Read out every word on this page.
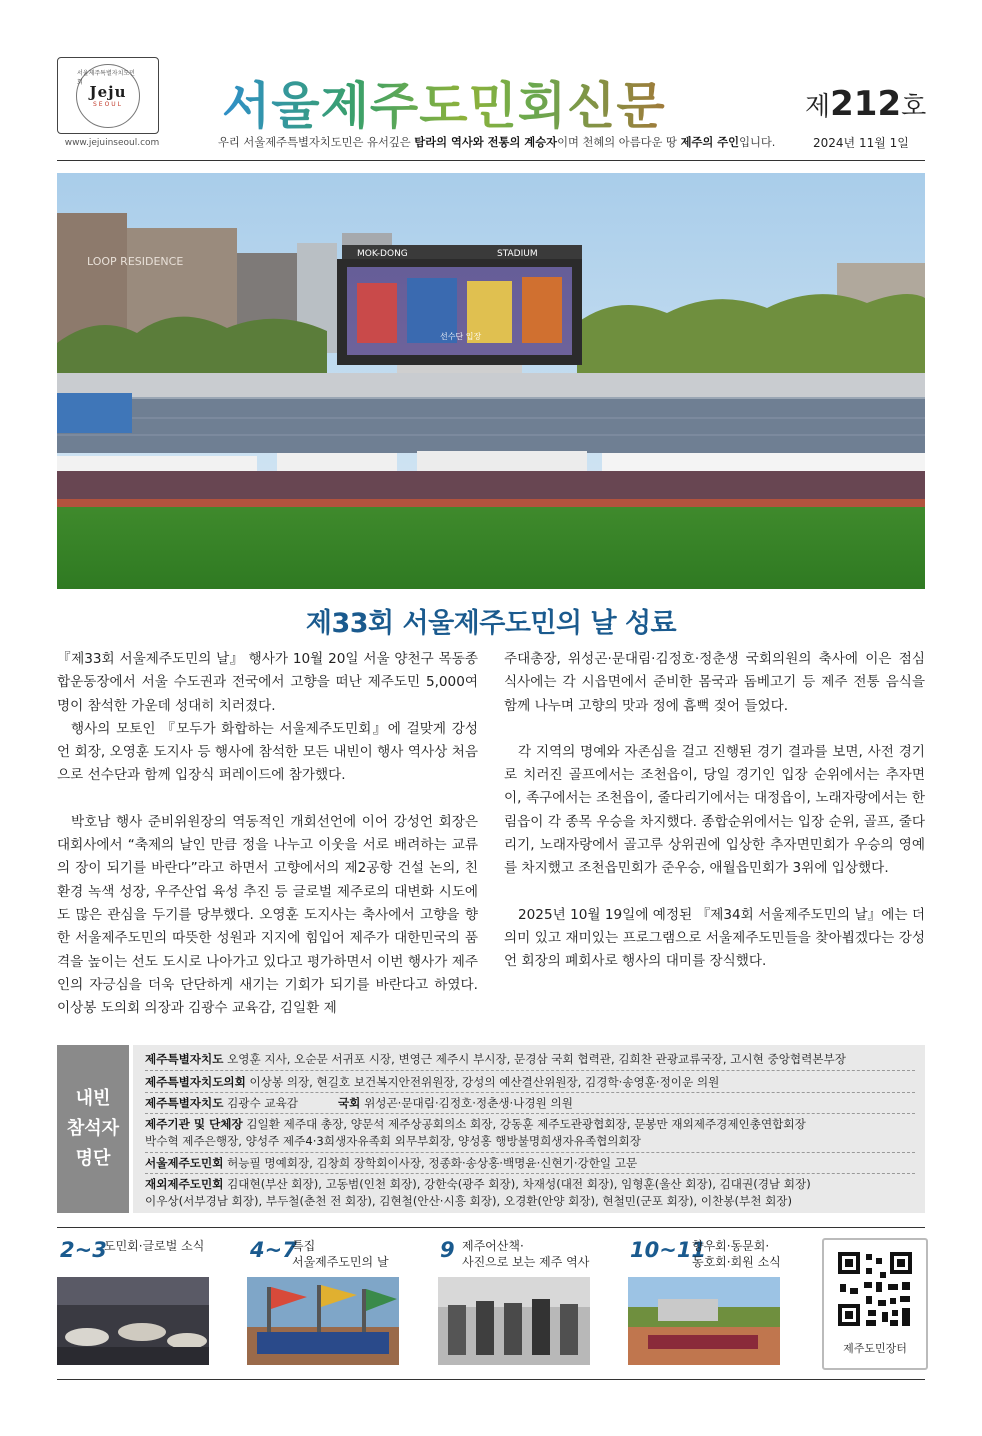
서울제주특별자치도민회
Jeju
SEOUL
www.jejuinseoul.com
서울제주도민회신문	제212호
우리 서울제주특별자치도민은 유서깊은 탐라의 역사와 전통의 계승자이며 천혜의 아름다운 땅 제주의 주인입니다.	2024년 11월 1일
LOOP RESIDENCE
MOK-DONG	STADIUM
선수단 입장
제33회 서울제주도민의 날 성료

『제33회 서울제주도민의 날』 행사가 10월 20일 서울 양천구 목동종합운동장에서 서울 수도권과 전국에서 고향을 떠난 제주도민 5,000여 명이 참석한 가운데 성대히 치러졌다.

행사의 모토인 『모두가 화합하는 서울제주도민회』에 걸맞게 강성언 회장, 오영훈 도지사 등 행사에 참석한 모든 내빈이 행사 역사상 처음으로 선수단과 함께 입장식 퍼레이드에 참가했다.

박호남 행사 준비위원장의 역동적인 개회선언에 이어 강성언 회장은 대회사에서 “축제의 날인 만큼 정을 나누고 이웃을 서로 배려하는 교류의 장이 되기를 바란다”라고 하면서 고향에서의 제2공항 건설 논의, 친환경 녹색 성장, 우주산업 육성 추진 등 글로벌 제주로의 대변화 시도에도 많은 관심을 두기를 당부했다. 오영훈 도지사는 축사에서 고향을 향한 서울제주도민의 따뜻한 성원과 지지에 힘입어 제주가 대한민국의 품격을 높이는 선도 도시로 나아가고 있다고 평가하면서 이번 행사가 제주인의 자긍심을 더욱 단단하게 새기는 기회가 되기를 바란다고 하였다. 이상봉 도의회 의장과 김광수 교육감, 김일환 제

주대총장, 위성곤·문대림·김정호·정춘생 국회의원의 축사에 이은 점심 식사에는 각 시읍면에서 준비한 몸국과 돔베고기 등 제주 전통 음식을 함께 나누며 고향의 맛과 정에 흠뻑 젖어 들었다.

각 지역의 명예와 자존심을 걸고 진행된 경기 결과를 보면, 사전 경기로 치러진 골프에서는 조천읍이, 당일 경기인 입장 순위에서는 추자면이, 족구에서는 조천읍이, 줄다리기에서는 대정읍이, 노래자랑에서는 한림읍이 각 종목 우승을 차지했다. 종합순위에서는 입장 순위, 골프, 줄다리기, 노래자랑에서 골고루 상위권에 입상한 추자면민회가 우승의 영예를 차지했고 조천읍민회가 준우승, 애월읍민회가 3위에 입상했다.

2025년 10월 19일에 예정된 『제34회 서울제주도민의 날』에는 더 의미 있고 재미있는 프로그램으로 서울제주도민들을 찾아뵙겠다는 강성언 회장의 폐회사로 행사의 대미를 장식했다.

내빈
참석자
명단
제주특별자치도 오영훈 지사, 오순문 서귀포 시장, 변영근 제주시 부시장, 문경삼 국회 협력관, 김희찬 관광교류국장, 고시현 중앙협력본부장
제주특별자치도의회 이상봉 의장, 현길호 보건복지안전위원장, 강성의 예산결산위원장, 김경학·송영훈·정이운 의원
제주특별자치도 김광수 교육감	국회 위성곤·문대림·김정호·정춘생·나경원 의원
제주기관 및 단체장 김일환 제주대 총장, 양문석 제주상공회의소 회장, 강동훈 제주도관광협회장, 문봉만 재외제주경제인총연합회장
박수혁 제주은행장, 양성주 제주4·3희생자유족회 외무부회장, 양성홍 행방불명희생자유족협의회장
서울제주도민회 허능필 명예회장, 김창희 장학회이사장, 정종화·송상홍·백명윤·신현기·강한일 고문
재외제주도민회 김대현(부산 회장), 고동범(인천 회장), 강한숙(광주 회장), 차재성(대전 회장), 임형훈(울산 회장), 김대권(경남 회장)
이우상(서부경남 회장), 부두철(춘천 전 회장), 김현철(안산·시흥 회장), 오경환(안양 회장), 현철민(군포 회장), 이찬봉(부천 회장)
2~3
도민회·글로벌 소식 4~7
특집
서울제주도민의 날 9 제주어산책·
사진으로 보는 제주 역사 10~11
향우회·동문회·
동호회·회원 소식
제주도민장터
